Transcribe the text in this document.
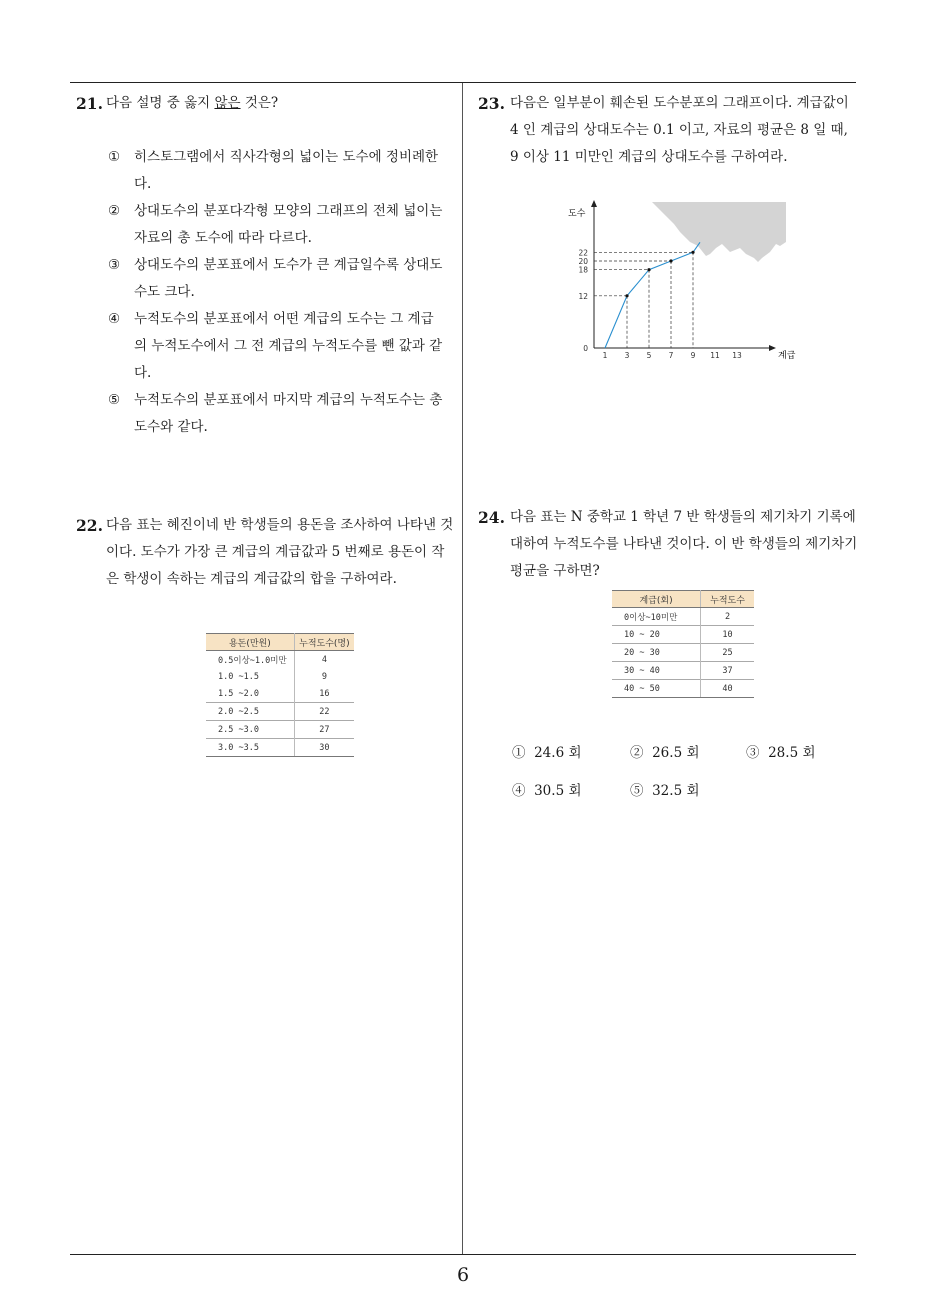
21. 다음 설명 중 옳지 않은 것은?
①	히스토그램에서 직사각형의 넓이는 도수에 정비례한다.
②	상대도수의 분포다각형 모양의 그래프의 전체 넓이는 자료의 총 도수에 따라 다르다.
③	상대도수의 분포표에서 도수가 큰 계급일수록 상대도수도 크다.
④	누적도수의 분포표에서 어떤 계급의 도수는 그 계급의 누적도수에서 그 전 계급의 누적도수를 뺀 값과 같다.
⑤	누적도수의 분포표에서 마지막 계급의 누적도수는 총 도수와 같다.
22. 다음 표는 혜진이네 반 학생들의 용돈을 조사하여 나타낸 것이다. 도수가 가장 큰 계급의 계급값과 5 번째로 용돈이 작은 학생이 속하는 계급의 계급값의 합을 구하여라.
용돈(만원)	누적도수(명)
0.5이상~1.0미만	4
1.0 ~1.5	9
1.5 ~2.0	16
2.0 ~2.5	22
2.5 ~3.0	27
3.0 ~3.5	30
23. 다음은 일부분이 훼손된 도수분포의 그래프이다. 계급값이 4 인 계급의 상대도수는 0.1 이고, 자료의 평균은 8 일 때, 9 이상 11 미만인 계급의 상대도수를 구하여라.
도수
계급
0
12
18
20
22
1 3 5 7 9 11 13
24. 다음 표는 N 중학교 1 학년 7 반 학생들의 제기차기 기록에 대하여 누적도수를 나타낸 것이다. 이 반 학생들의 제기차기 평균을 구하면?
계급(회)	누적도수
0이상~10미만	2
10 ~ 20	10
20 ~ 30	25
30 ~ 40	37
40 ~ 50	40
① 24.6 회	② 26.5 회	③ 28.5 회
④ 30.5 회	⑤ 32.5 회
6
